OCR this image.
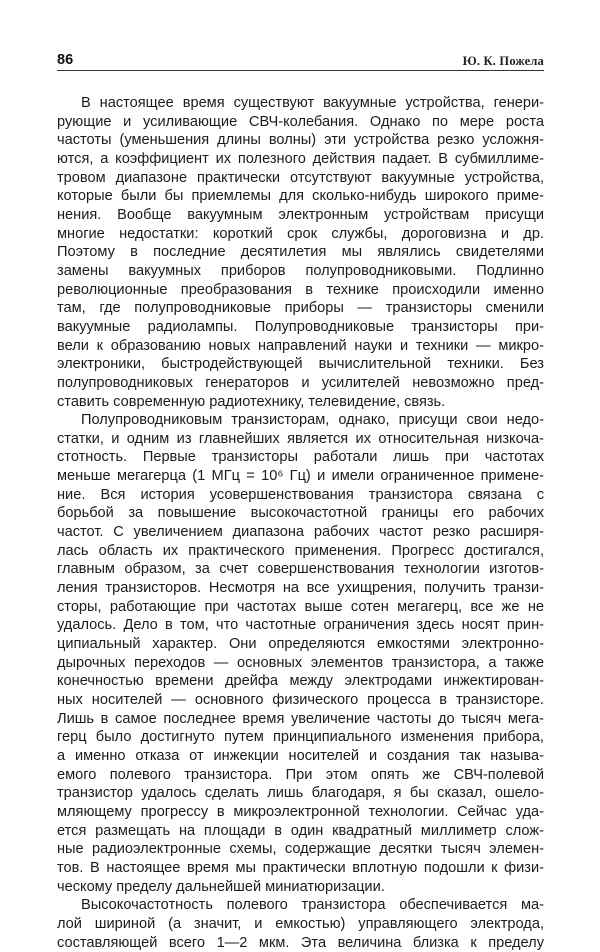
86	Ю. К. Пожела
В настоящее время существуют вакуумные устройства, генери-
рующие и усиливающие СВЧ-колебания. Однако по мере роста
частоты (уменьшения длины волны) эти устройства резко усложня-
ются, а коэффициент их полезного действия падает. В субмиллиме-
тровом диапазоне практически отсутствуют вакуумные устройства,
которые были бы приемлемы для сколько-нибудь широкого приме-
нения. Вообще вакуумным электронным устройствам присущи
многие недостатки: короткий срок службы, дороговизна и др.
Поэтому в последние десятилетия мы являлись свидетелями
замены вакуумных приборов полупроводниковыми. Подлинно
революционные преобразования в технике происходили именно
там, где полупроводниковые приборы — транзисторы сменили
вакуумные радиолампы. Полупроводниковые транзисторы при-
вели к образованию новых направлений науки и техники — микро-
электроники, быстродействующей вычислительной техники. Без
полупроводниковых генераторов и усилителей невозможно пред-
ставить современную радиотехнику, телевидение, связь.
Полупроводниковым транзисторам, однако, присущи свои недо-
статки, и одним из главнейших является их относительная низкоча-
стотность. Первые транзисторы работали лишь при частотах
меньше мегагерца (1 МГц = 10⁶ Гц) и имели ограниченное примене-
ние. Вся история усовершенствования транзистора связана с
борьбой за повышение высокочастотной границы его рабочих
частот. С увеличением диапазона рабочих частот резко расширя-
лась область их практического применения. Прогресс достигался,
главным образом, за счет совершенствования технологии изготов-
ления транзисторов. Несмотря на все ухищрения, получить транзи-
сторы, работающие при частотах выше сотен мегагерц, все же не
удалось. Дело в том, что частотные ограничения здесь носят прин-
ципиальный характер. Они определяются емкостями электронно-
дырочных переходов — основных элементов транзистора, а также
конечностью времени дрейфа между электродами инжектирован-
ных носителей — основного физического процесса в транзисторе.
Лишь в самое последнее время увеличение частоты до тысяч мега-
герц было достигнуто путем принципиального изменения прибора,
а именно отказа от инжекции носителей и создания так называ-
емого полевого транзистора. При этом опять же СВЧ-полевой
транзистор удалось сделать лишь благодаря, я бы сказал, ошело-
мляющему прогрессу в микроэлектронной технологии. Сейчас уда-
ется размещать на площади в один квадратный миллиметр слож-
ные радиоэлектронные схемы, содержащие десятки тысяч элемен-
тов. В настоящее время мы практически вплотную подошли к физи-
ческому пределу дальнейшей миниатюризации.
Высокочастотность полевого транзистора обеспечивается ма-
лой шириной (а значит, и емкостью) управляющего электрода,
составляющей всего 1—2 мкм. Эта величина близка к пределу
